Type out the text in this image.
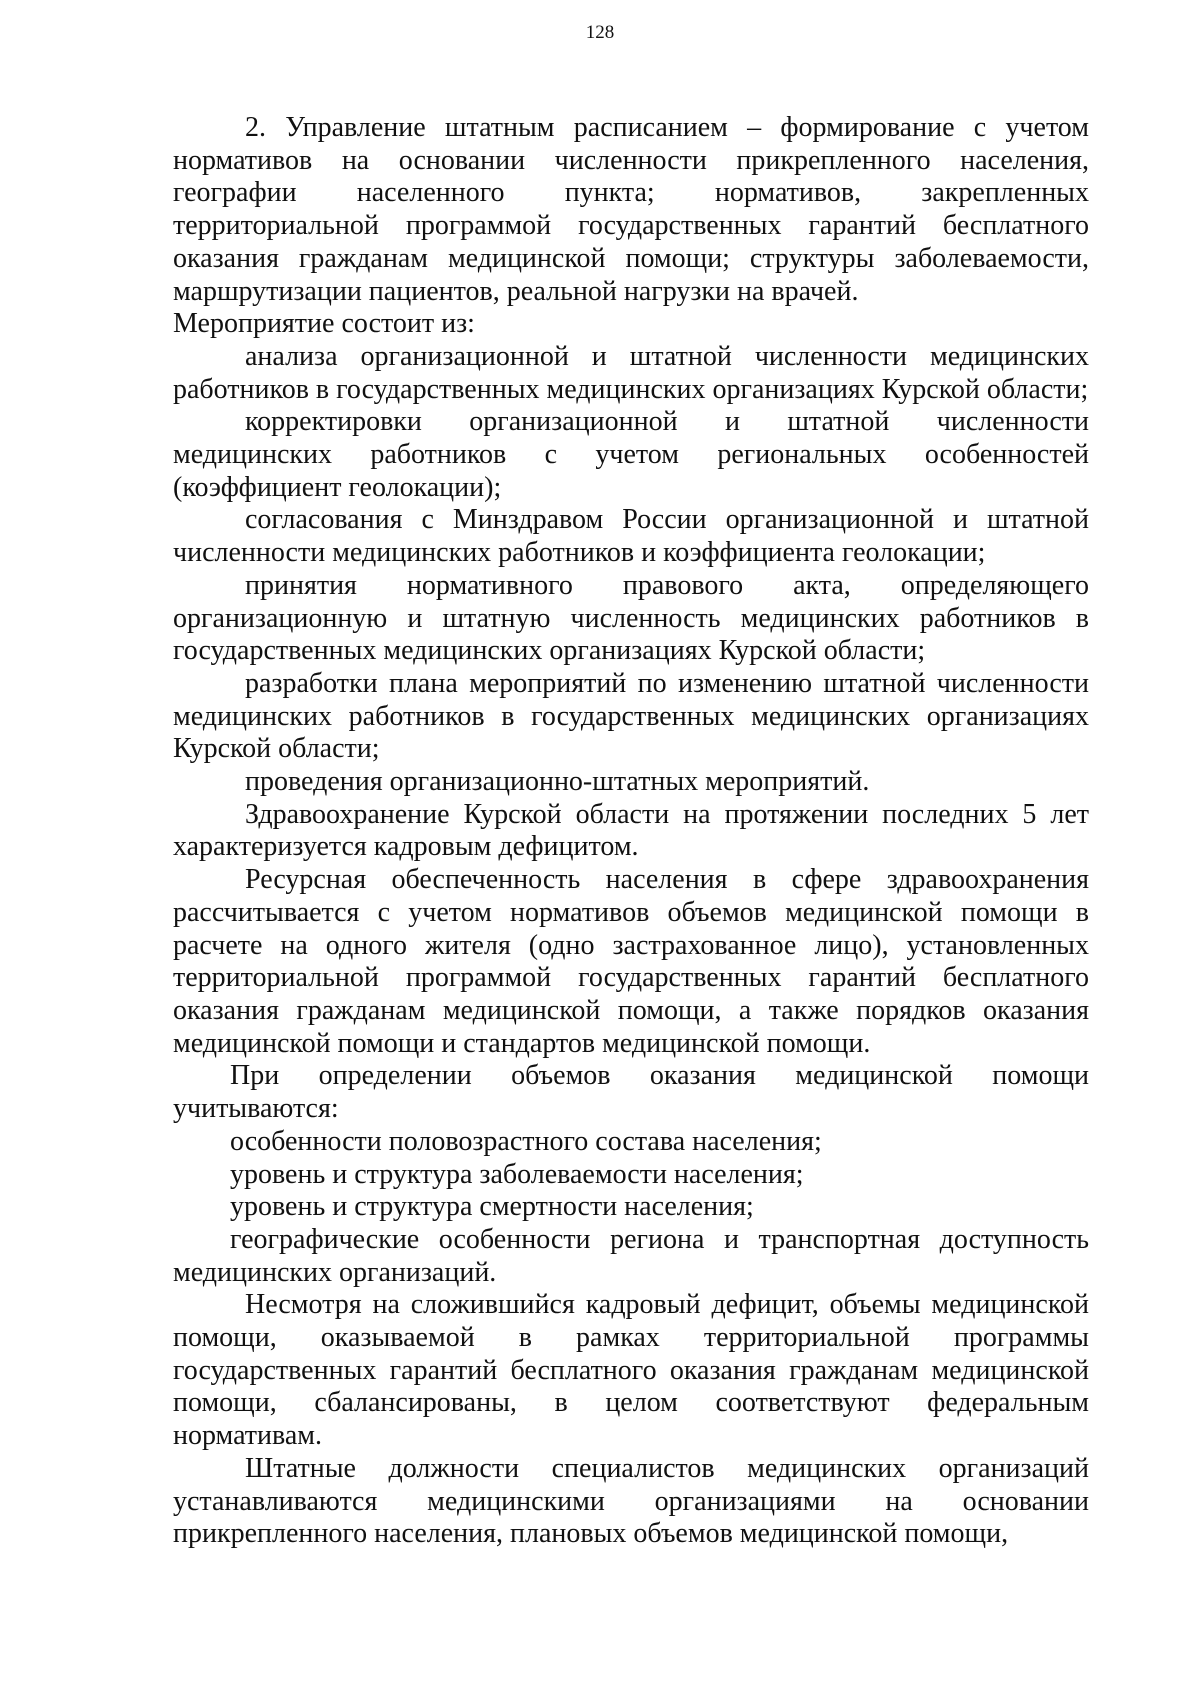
128

2. Управление штатным расписанием – формирование с учетом нормативов на основании численности прикрепленного населения, географии населенного пункта; нормативов, закрепленных территориальной программой государственных гарантий бесплатного оказания гражданам медицинской помощи; структуры заболеваемости, маршрутизации пациентов, реальной нагрузки на врачей.

Мероприятие состоит из:

анализа организационной и штатной численности медицинских работников в государственных медицинских организациях Курской области;

корректировки организационной и штатной численности медицинских работников с учетом региональных особенностей (коэффициент геолокации);

согласования с Минздравом России организационной и штатной численности медицинских работников и коэффициента геолокации;

принятия нормативного правового акта, определяющего организационную и штатную численность медицинских работников в государственных медицинских организациях Курской области;

разработки плана мероприятий по изменению штатной численности медицинских работников в государственных медицинских организациях Курской области;

проведения организационно-штатных мероприятий.

Здравоохранение Курской области на протяжении последних 5 лет характеризуется кадровым дефицитом.

Ресурсная обеспеченность населения в сфере здравоохранения рассчитывается с учетом нормативов объемов медицинской помощи в расчете на одного жителя (одно застрахованное лицо), установленных территориальной программой государственных гарантий бесплатного оказания гражданам медицинской помощи, а также порядков оказания медицинской помощи и стандартов медицинской помощи.

При определении объемов оказания медицинской помощи учитываются:

особенности половозрастного состава населения;

уровень и структура заболеваемости населения;

уровень и структура смертности населения;

географические особенности региона и транспортная доступность медицинских организаций.

Несмотря на сложившийся кадровый дефицит, объемы медицинской помощи, оказываемой в рамках территориальной программы государственных гарантий бесплатного оказания гражданам медицинской помощи, сбалансированы, в целом соответствуют федеральным нормативам.

Штатные должности специалистов медицинских организаций устанавливаются медицинскими организациями на основании прикрепленного населения, плановых объемов медицинской помощи,
